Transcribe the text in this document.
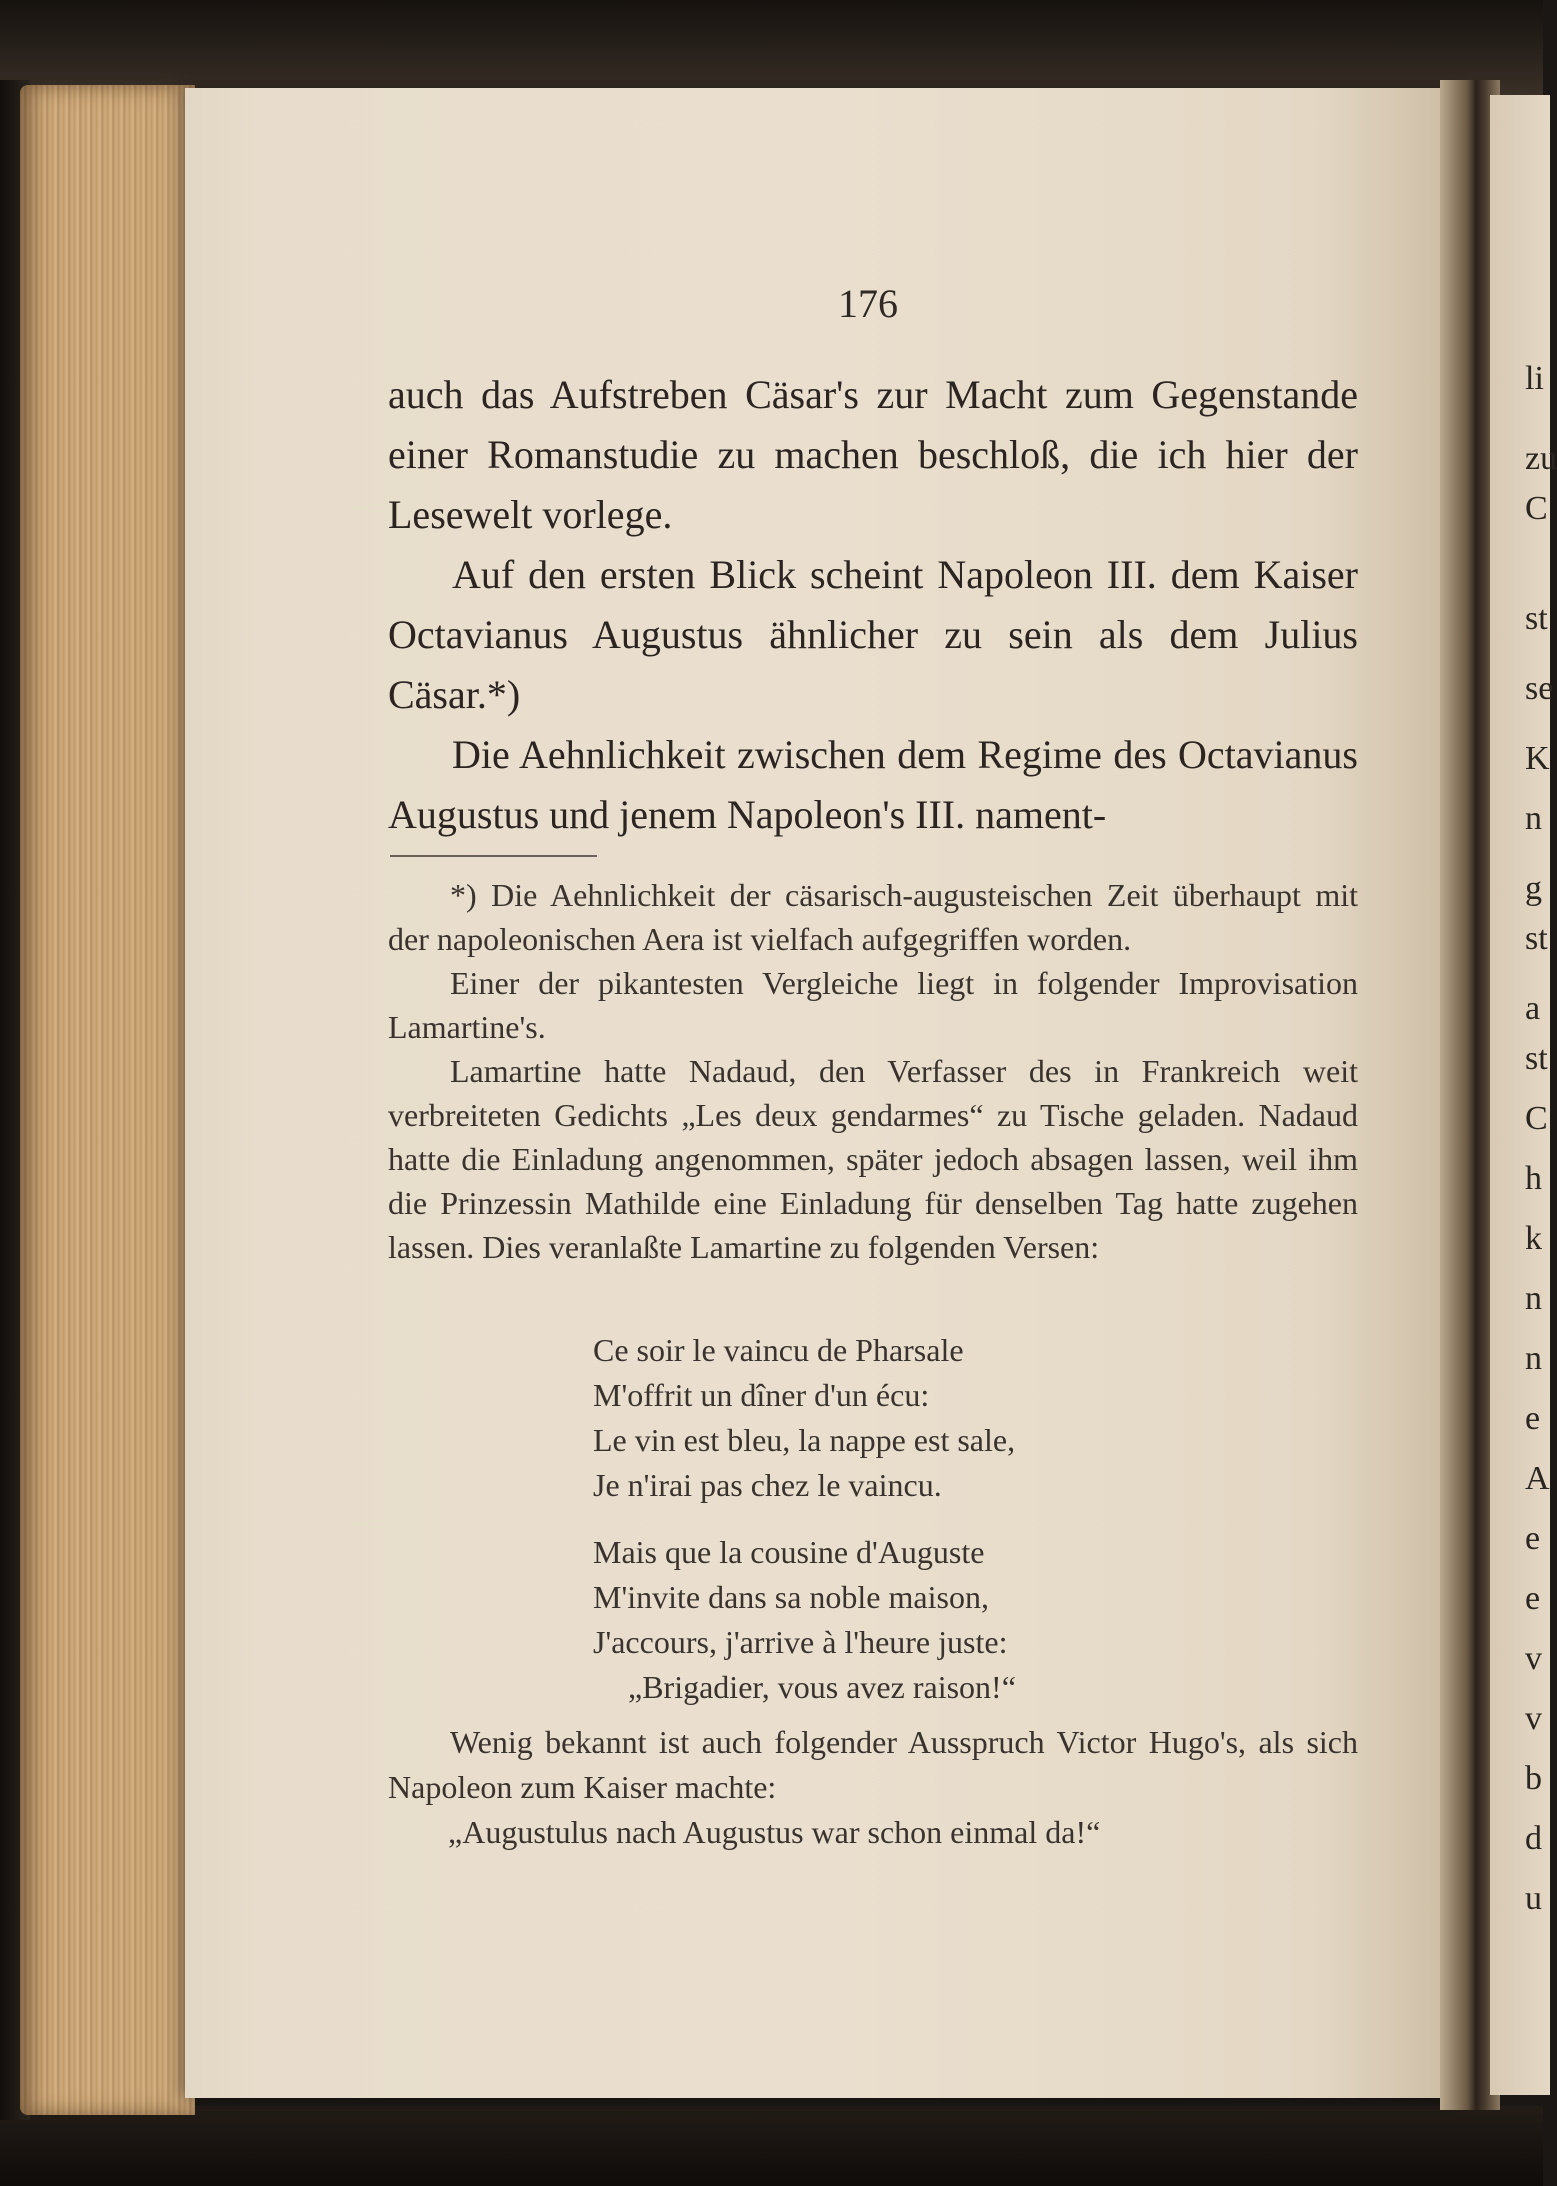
li
zu
C
st
se
K
n
g
st
a
st
C
h
k
n
n
e
A
e
e
v
v
b
d
u
176

auch das Aufstreben Cäsar's zur Macht zum Gegenstande einer Romanstudie zu machen beschloß, die ich hier der Lesewelt vorlege.

Auf den ersten Blick scheint Napoleon III. dem Kaiser Octavianus Augustus ähnlicher zu sein als dem Julius Cäsar.*)

Die Aehnlichkeit zwischen dem Regime des Octavianus Augustus und jenem Napoleon's III. nament-

*) Die Aehnlichkeit der cäsarisch-augusteischen Zeit überhaupt mit der napoleonischen Aera ist vielfach aufgegriffen worden.

Einer der pikantesten Vergleiche liegt in folgender Improvisation Lamartine's.

Lamartine hatte Nadaud, den Verfasser des in Frankreich weit verbreiteten Gedichts „Les deux gendarmes“ zu Tische geladen. Nadaud hatte die Einladung angenommen, später jedoch absagen lassen, weil ihm die Prinzessin Mathilde eine Einladung für denselben Tag hatte zugehen lassen. Dies veranlaßte Lamartine zu folgenden Versen:

Ce soir le vaincu de Pharsale
M'offrit un dîner d'un écu:
Le vin est bleu, la nappe est sale,
Je n'irai pas chez le vaincu.
Mais que la cousine d'Auguste
M'invite dans sa noble maison,
J'accours, j'arrive à l'heure juste:
„Brigadier, vous avez raison!“

Wenig bekannt ist auch folgender Ausspruch Victor Hugo's, als sich Napoleon zum Kaiser machte:

„Augustulus nach Augustus war schon einmal da!“
